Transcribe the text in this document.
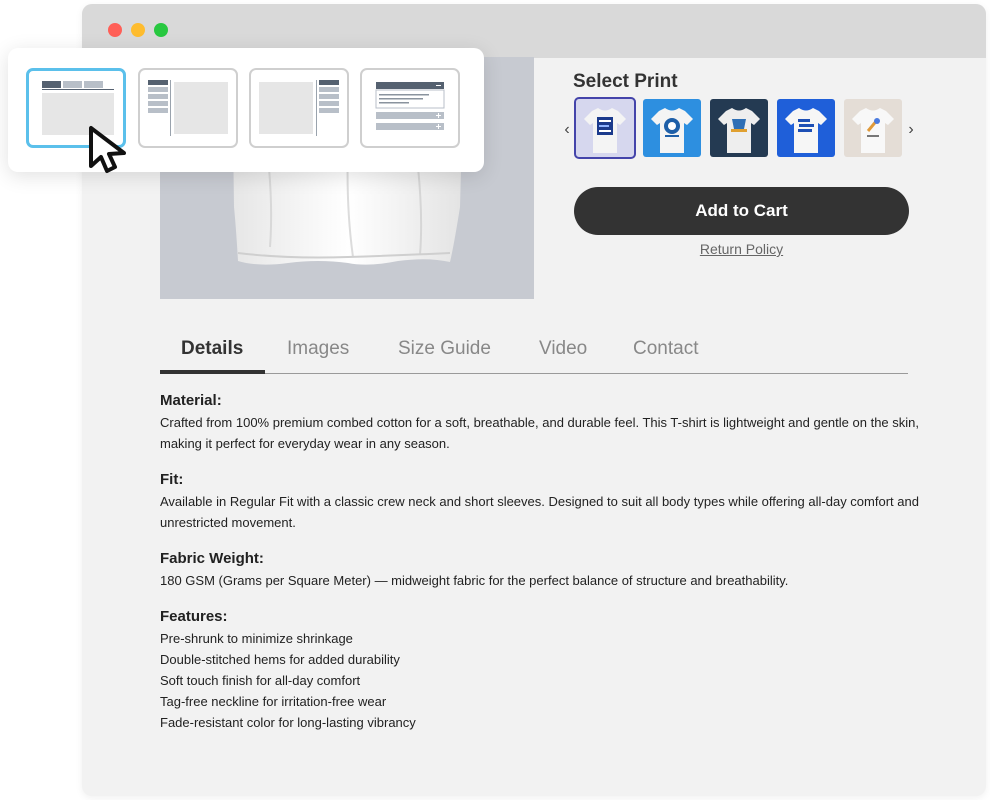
Select Print
‹	›
Add to Cart
Return Policy
Details Images	Size Guide	Video Contact
Material:
Crafted from 100% premium combed cotton for a soft, breathable, and durable feel. This T-shirt is lightweight and gentle on the skin, making it perfect for everyday wear in any season.
Fit:
Available in Regular Fit with a classic crew neck and short sleeves. Designed to suit all body types while offering all-day comfort and unrestricted movement.
Fabric Weight:
180 GSM (Grams per Square Meter) — midweight fabric for the perfect balance of structure and breathability.
Features:
Pre-shrunk to minimize shrinkage
Double-stitched hems for added durability
Soft touch finish for all-day comfort
Tag-free neckline for irritation-free wear
Fade-resistant color for long-lasting vibrancy
